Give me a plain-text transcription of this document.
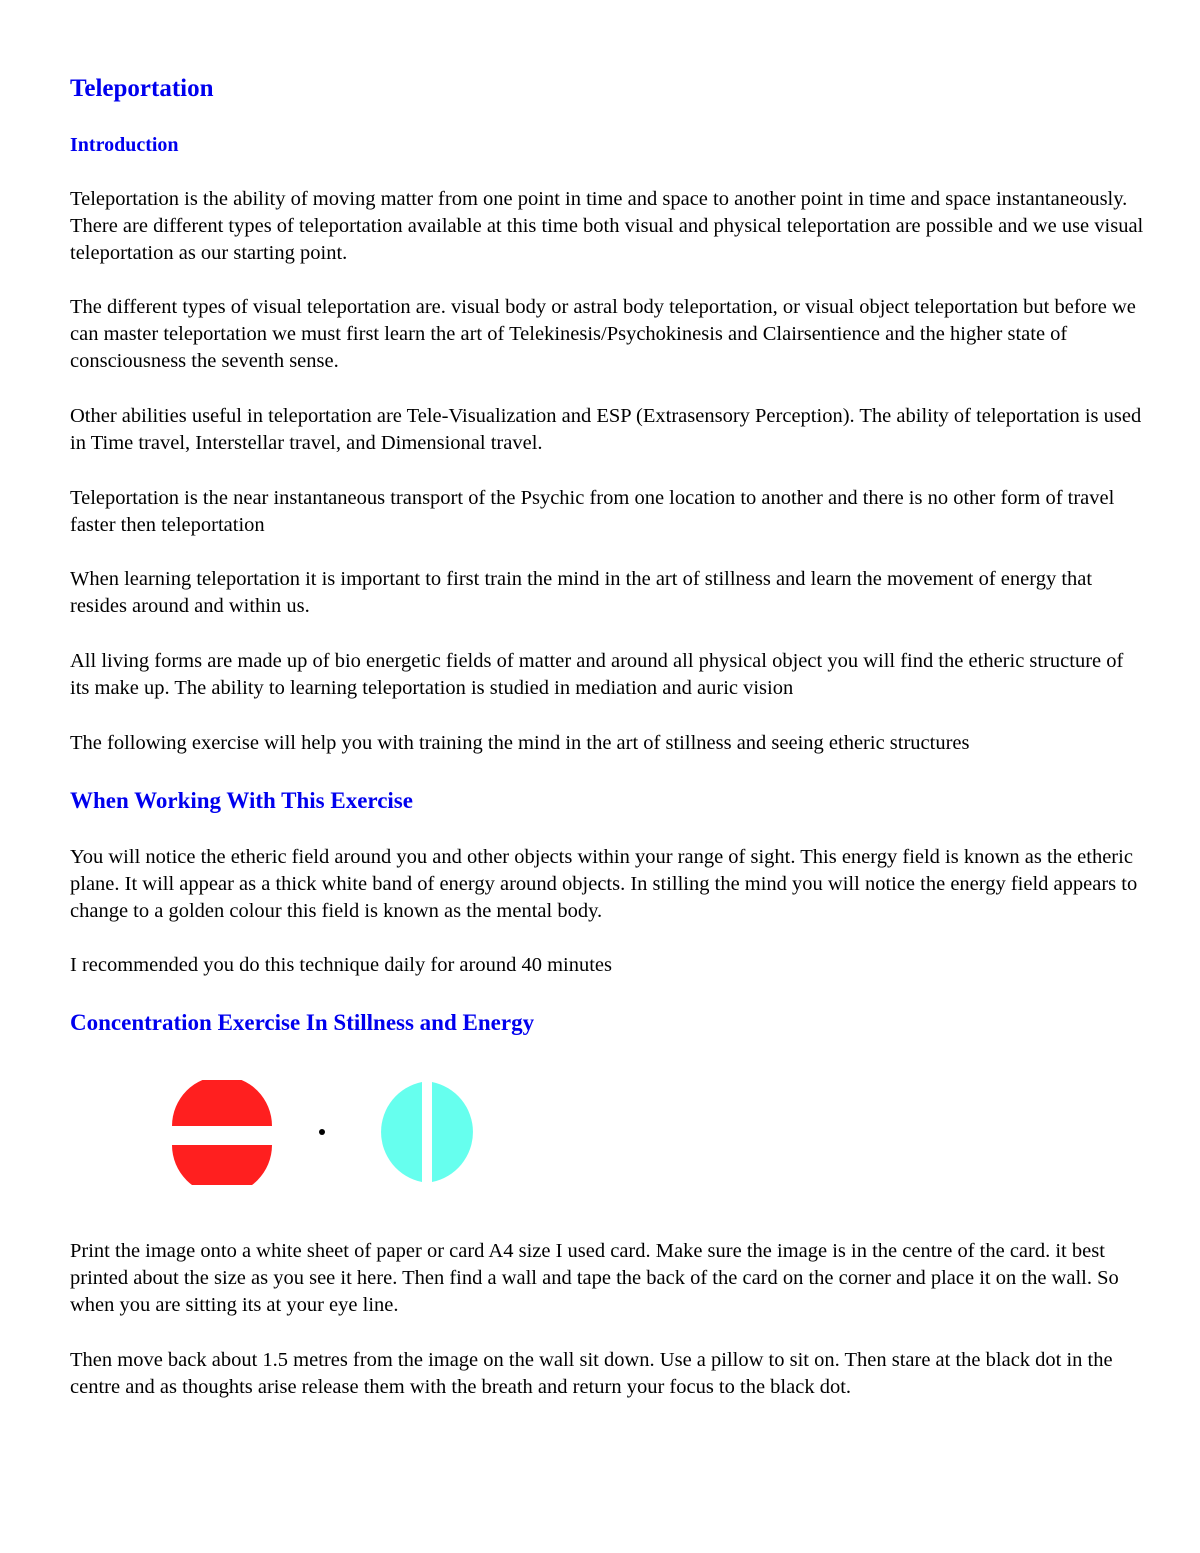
Teleportation
Introduction

Teleportation is the ability of moving matter from one point in time and space to another point in time and space instantaneously. There are different types of teleportation available at this time both visual and physical teleportation are possible and we use visual teleportation as our starting point.

The different types of visual teleportation are. visual body or astral body teleportation, or visual object teleportation but before we can master teleportation we must first learn the art of Telekinesis/Psychokinesis and Clairsentience and the higher state of consciousness the seventh sense.

Other abilities useful in teleportation are Tele-Visualization and ESP (Extrasensory Perception). The ability of teleportation is used in Time travel, Interstellar travel, and Dimensional travel.

Teleportation is the near instantaneous transport of the Psychic from one location to another and there is no other form of travel faster then teleportation

When learning teleportation it is important to first train the mind in the art of stillness and learn the movement of energy that resides around and within us.

All living forms are made up of bio energetic fields of matter and around all physical object you will find the etheric structure of its make up. The ability to learning teleportation is studied in mediation and auric vision

The following exercise will help you with training the mind in the art of stillness and seeing etheric structures

When Working With This Exercise

You will notice the etheric field around you and other objects within your range of sight. This energy field is known as the etheric plane. It will appear as a thick white band of energy around objects. In stilling the mind you will notice the energy field appears to change to a golden colour this field is known as the mental body.

I recommended you do this technique daily for around 40 minutes

Concentration Exercise In Stillness and Energy

Print the image onto a white sheet of paper or card A4 size I used card. Make sure the image is in the centre of the card. it best printed about the size as you see it here. Then find a wall and tape the back of the card on the corner and place it on the wall. So when you are sitting its at your eye line.

Then move back about 1.5 metres from the image on the wall sit down. Use a pillow to sit on. Then stare at the black dot in the centre and as thoughts arise release them with the breath and return your focus to the black dot.
